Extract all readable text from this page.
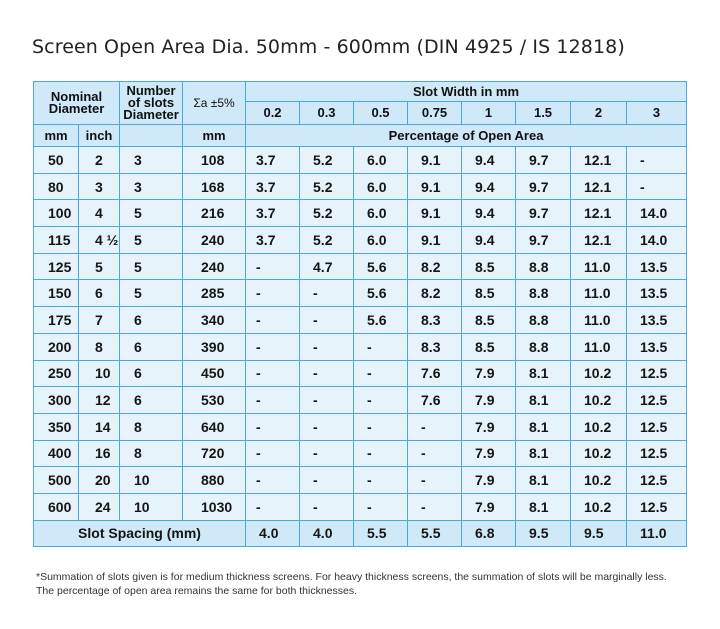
Screen Open Area Dia. 50mm - 600mm (DIN 4925 / IS 12818)
Nominal Diameter		Number of slots Diameter	Σa ±5%	Slot Width in mm							
				0.2	0.3	0.5	0.75	1	1.5	2	3
mm	inch		mm	Percentage of Open Area							
50	2	3	108	3.7	5.2	6.0	9.1	9.4	9.7	12.1	-
80	3	3	168	3.7	5.2	6.0	9.1	9.4	9.7	12.1	-
100	4	5	216	3.7	5.2	6.0	9.1	9.4	9.7	12.1	14.0
115	4 ½	5	240	3.7	5.2	6.0	9.1	9.4	9.7	12.1	14.0
125	5	5	240	-	4.7	5.6	8.2	8.5	8.8	11.0	13.5
150	6	5	285	-	-	5.6	8.2	8.5	8.8	11.0	13.5
175	7	6	340	-	-	5.6	8.3	8.5	8.8	11.0	13.5
200	8	6	390	-	-	-	8.3	8.5	8.8	11.0	13.5
250	10	6	450	-	-	-	7.6	7.9	8.1	10.2	12.5
300	12	6	530	-	-	-	7.6	7.9	8.1	10.2	12.5
350	14	8	640	-	-	-	-	7.9	8.1	10.2	12.5
400	16	8	720	-	-	-	-	7.9	8.1	10.2	12.5
500	20	10	880	-	-	-	-	7.9	8.1	10.2	12.5
600	24	10	1030	-	-	-	-	7.9	8.1	10.2	12.5
Slot Spacing (mm)				4.0	4.0	5.5	5.5	6.8	9.5	9.5	11.0
*Summation of slots given is for medium thickness screens. For heavy thickness screens, the summation of slots will be marginally less.
The percentage of open area remains the same for both thicknesses.
